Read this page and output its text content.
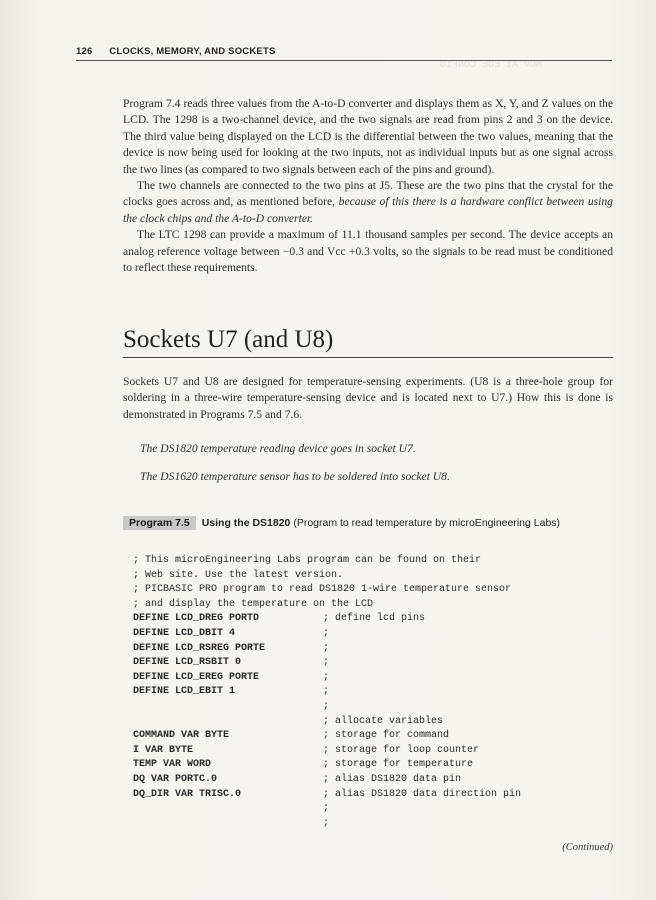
126 CLOCKS, MEMORY, AND SOCKETS
MOV AI EDE CONFIG

Program 7.4 reads three values from the A-to-D converter and displays them as X, Y, and Z values on the LCD. The 1298 is a two-channel device, and the two signals are read from pins 2 and 3 on the device. The third value being displayed on the LCD is the differential between the two values, meaning that the device is now being used for looking at the two inputs, not as individual inputs but as one signal across the two lines (as compared to two signals between each of the pins and ground).

The two channels are connected to the two pins at J5. These are the two pins that the crystal for the clocks goes across and, as mentioned before, because of this there is a hardware conflict between using the clock chips and the A-to-D converter.

The LTC 1298 can provide a maximum of 11.1 thousand samples per second. The device accepts an analog reference voltage between −0.3 and Vcc +0.3 volts, so the signals to be read must be conditioned to reflect these requirements.

Sockets U7 (and U8)

Sockets U7 and U8 are designed for temperature-sensing experiments. (U8 is a three-hole group for soldering in a three-wire temperature-sensing device and is located next to U7.) How this is done is demonstrated in Programs 7.5 and 7.6.

The DS1820 temperature reading device goes in socket U7.
The DS1620 temperature sensor has to be soldered into socket U8.
Program 7.5 Using the DS1820 (Program to read temperature by microEngineering Labs)
; This microEngineering Labs program can be found on their
; Web site. Use the latest version.
; PICBASIC PRO program to read DS1820 1-wire temperature sensor
; and display the temperature on the LCD
DEFINE LCD_DREG PORTD	; define lcd pins
DEFINE LCD_DBIT 4	;
DEFINE LCD_RSREG PORTE	;
DEFINE LCD_RSBIT 0	;
DEFINE LCD_EREG PORTE	;
DEFINE LCD_EBIT 1	;
;
; allocate variables
COMMAND VAR BYTE	; storage for command
I VAR BYTE	; storage for loop counter
TEMP VAR WORD	; storage for temperature
DQ VAR PORTC.0	; alias DS1820 data pin
DQ_DIR VAR TRISC.0	; alias DS1820 data direction pin
;
;
(Continued)
